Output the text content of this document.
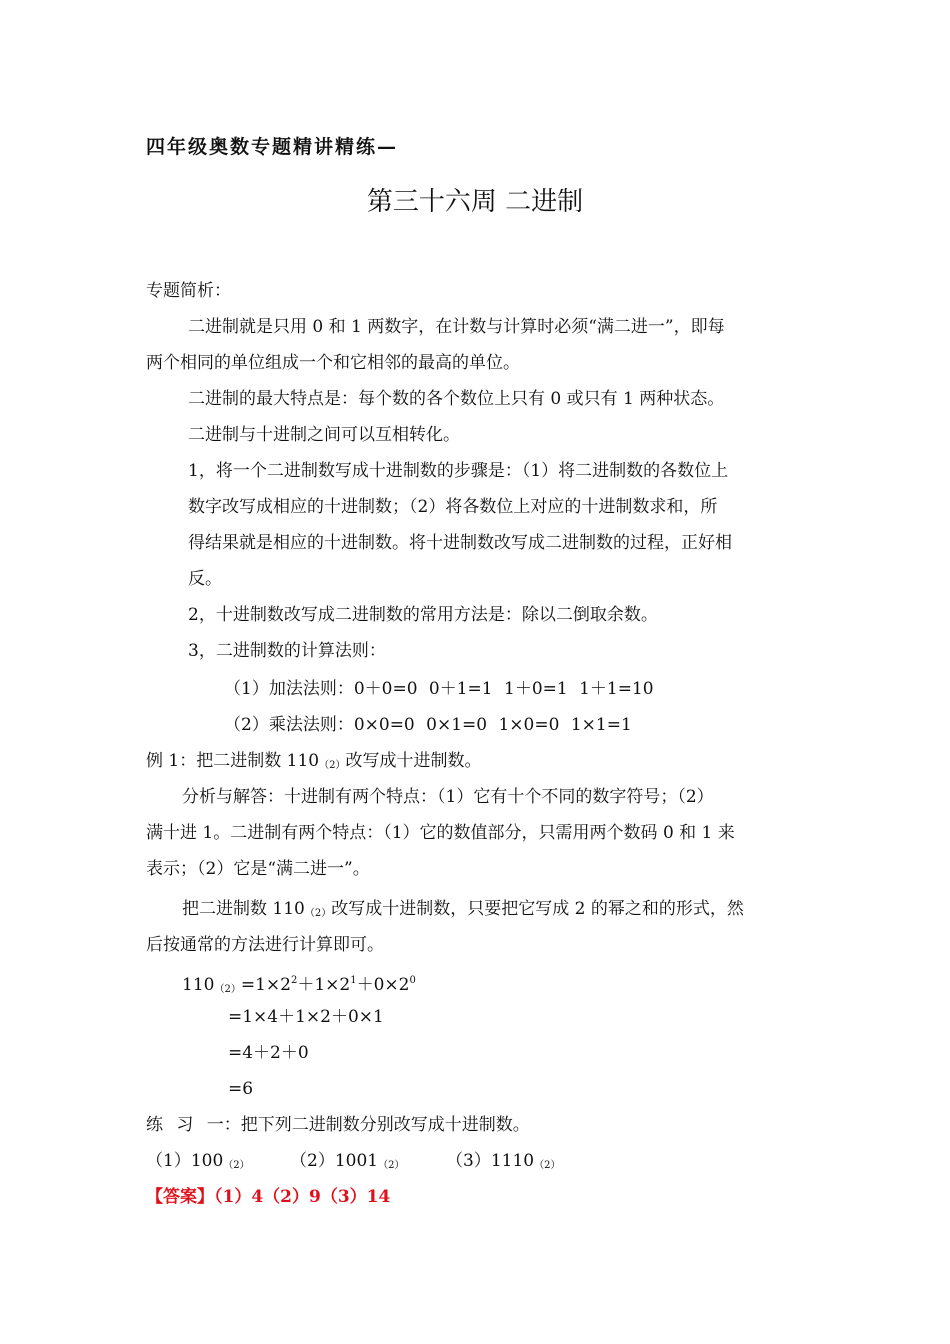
四年级奥数专题精讲精练—
第三十六周 二进制
专题简析：
二进制就是只用 0 和 1 两数字，在计数与计算时必须“满二进一”，即每
两个相同的单位组成一个和它相邻的最高的单位。
二进制的最大特点是：每个数的各个数位上只有 0 或只有 1 两种状态。
二进制与十进制之间可以互相转化。
1，将一个二进制数写成十进制数的步骤是：（1）将二进制数的各数位上
数字改写成相应的十进制数；（2）将各数位上对应的十进制数求和，所
得结果就是相应的十进制数。将十进制数改写成二进制数的过程，正好相
反。
2，十进制数改写成二进制数的常用方法是：除以二倒取余数。
3，二进制数的计算法则：
（1）加法法则：0＋0=0 0＋1=1 1＋0=1 1＋1=10
（2）乘法法则：0×0=0 0×1=0 1×0=0 1×1=1
例 1：把二进制数 $110_{(2)}$改写成十进制数。
分析与解答：十进制有两个特点：（1）它有十个不同的数字符号；（2）
满十进 1。二进制有两个特点：（1）它的数值部分，只需用两个数码 0 和 1 来
表示；（2）它是“满二进一”。
把二进制数 $110_{(2)}$改写成十进制数，只要把它写成 2 的幂之和的形式，然
后按通常的方法进行计算即可。
$110_{(2)}=1\times 2^2+1\times 2^1+0\times 2^0$
=1×4＋1×2＋0×1
=4＋2＋0
=6
练 习 一：把下列二进制数分别改写成十进制数。
$(1)100_{(2)}$ $(2)1001_{(2)}$ $(3)1110_{(2)}$
【答案】（1）4（2）9（3）14
